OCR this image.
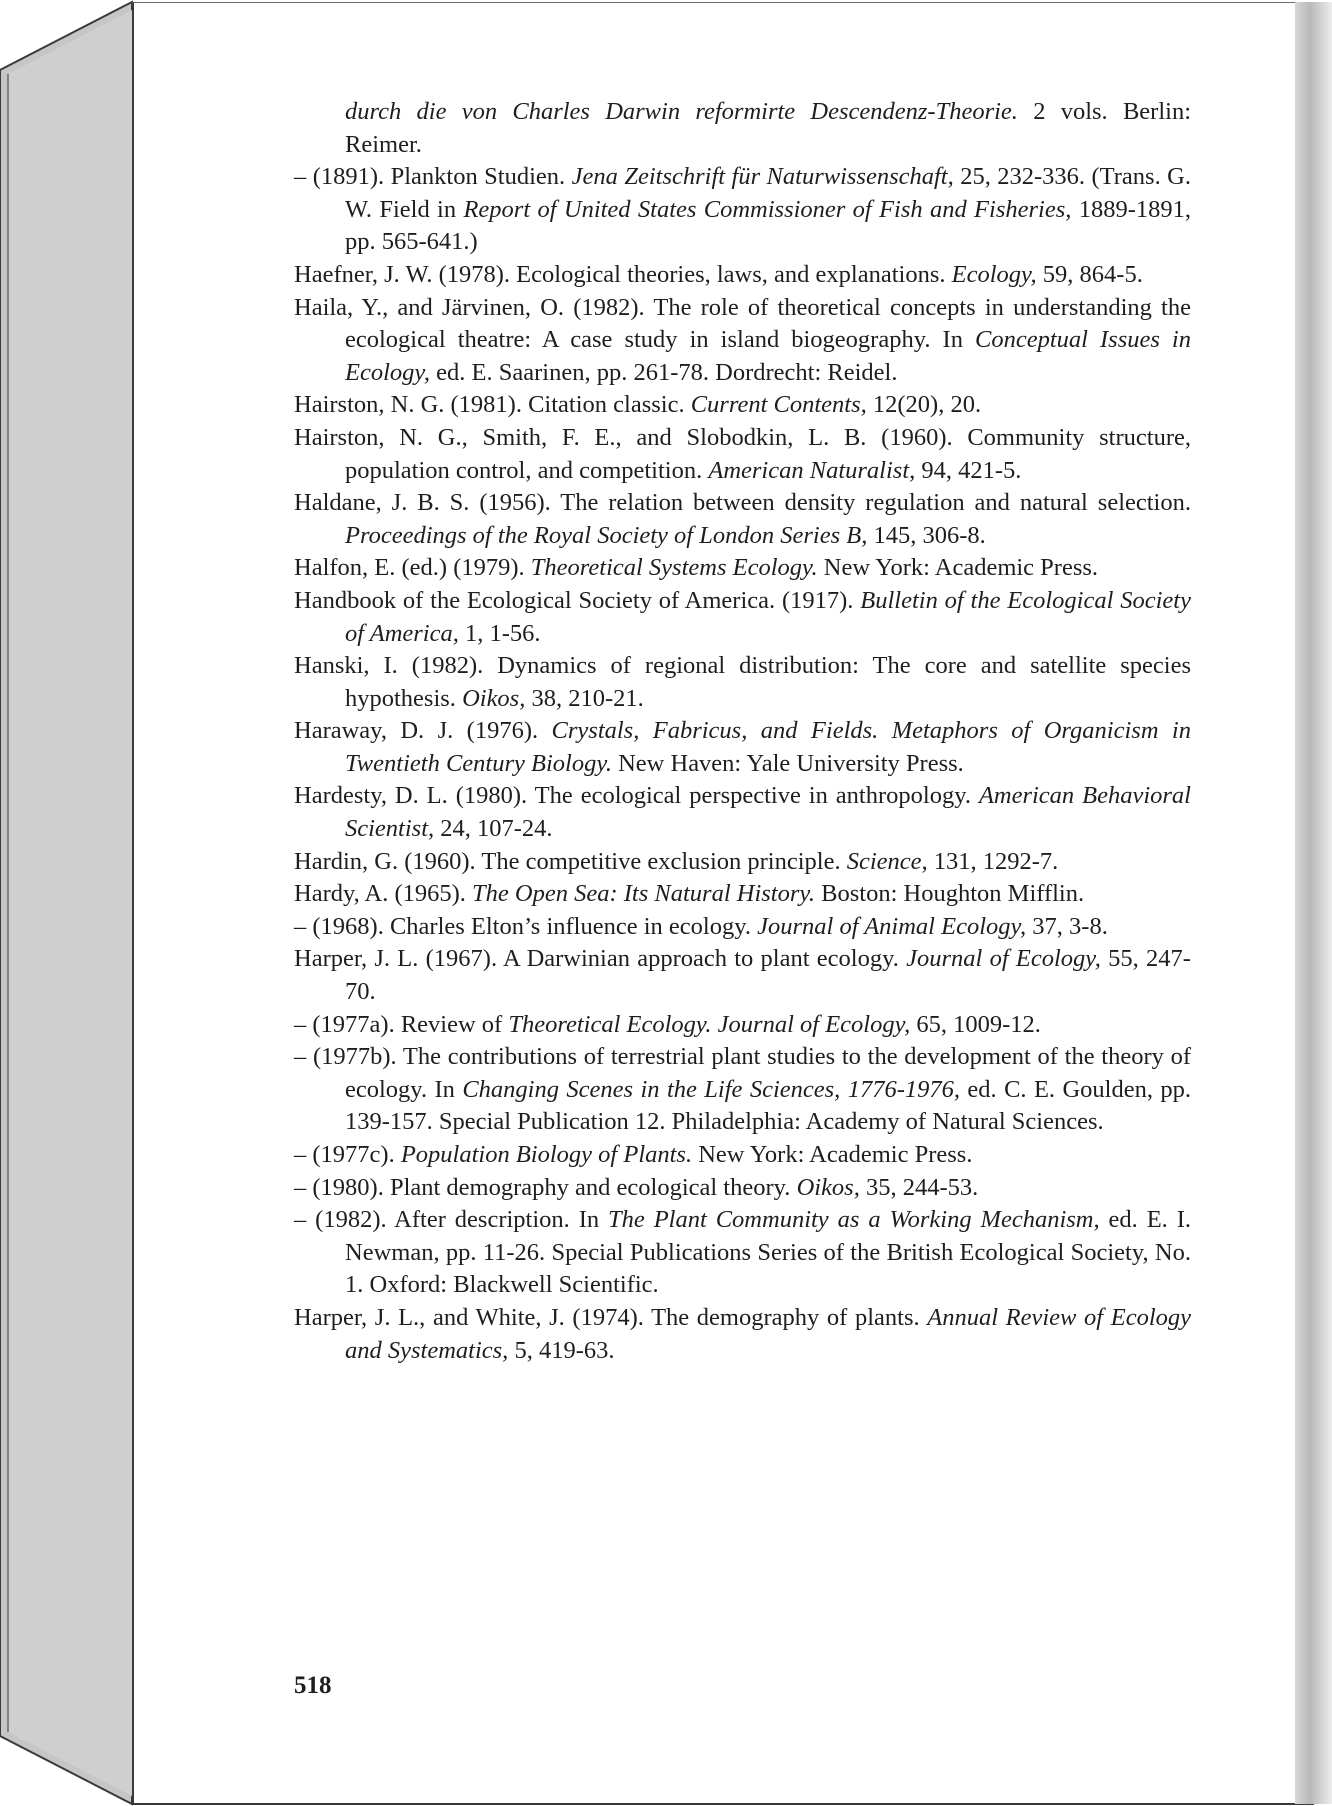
durch die von Charles Darwin reformirte Descendenz-Theorie. 2 vols. Berlin: Reimer.
– (1891). Plankton Studien. Jena Zeitschrift für Naturwissenschaft, 25, 232-336. (Trans. G. W. Field in Report of United States Commissioner of Fish and Fisheries, 1889-1891, pp. 565-641.)
Haefner, J. W. (1978). Ecological theories, laws, and explanations. Ecology, 59, 864-5.
Haila, Y., and Järvinen, O. (1982). The role of theoretical concepts in understanding the ecological theatre: A case study in island biogeography. In Conceptual Issues in Ecology, ed. E. Saarinen, pp. 261-78. Dordrecht: Reidel.
Hairston, N. G. (1981). Citation classic. Current Contents, 12(20), 20.
Hairston, N. G., Smith, F. E., and Slobodkin, L. B. (1960). Community structure, population control, and competition. American Naturalist, 94, 421-5.
Haldane, J. B. S. (1956). The relation between density regulation and natural selection. Proceedings of the Royal Society of London Series B, 145, 306-8.
Halfon, E. (ed.) (1979). Theoretical Systems Ecology. New York: Academic Press.
Handbook of the Ecological Society of America. (1917). Bulletin of the Ecological Society of America, 1, 1-56.
Hanski, I. (1982). Dynamics of regional distribution: The core and satellite species hypothesis. Oikos, 38, 210-21.
Haraway, D. J. (1976). Crystals, Fabricus, and Fields. Metaphors of Organicism in Twentieth Century Biology. New Haven: Yale University Press.
Hardesty, D. L. (1980). The ecological perspective in anthropology. American Behavioral Scientist, 24, 107-24.
Hardin, G. (1960). The competitive exclusion principle. Science, 131, 1292-7.
Hardy, A. (1965). The Open Sea: Its Natural History. Boston: Houghton Mifflin.
– (1968). Charles Elton’s influence in ecology. Journal of Animal Ecology, 37, 3-8.
Harper, J. L. (1967). A Darwinian approach to plant ecology. Journal of Ecology, 55, 247-70.
– (1977a). Review of Theoretical Ecology. Journal of Ecology, 65, 1009-12.
– (1977b). The contributions of terrestrial plant studies to the development of the theory of ecology. In Changing Scenes in the Life Sciences, 1776-1976, ed. C. E. Goulden, pp. 139-157. Special Publication 12. Philadelphia: Academy of Natural Sciences.
– (1977c). Population Biology of Plants. New York: Academic Press.
– (1980). Plant demography and ecological theory. Oikos, 35, 244-53.
– (1982). After description. In The Plant Community as a Working Mechanism, ed. E. I. Newman, pp. 11-26. Special Publications Series of the British Ecological Society, No. 1. Oxford: Blackwell Scientific.
Harper, J. L., and White, J. (1974). The demography of plants. Annual Review of Ecology and Systematics, 5, 419-63.
518
